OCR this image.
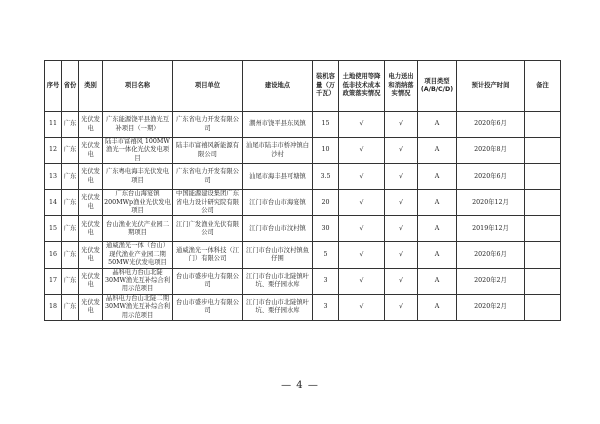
序号	省份	类别	项目名称	项目单位	建设地点	装机容量（万千瓦）	土地使用等降低非技术成本政策落实情况	电力送出和消纳落实情况	项目类型(A/B/C/D)	预计投产时间	备注
11	广东	光伏发电	广东能源饶平县渔光互补项目（一期）	广东省电力开发有限公司	潮州市饶平县东凤镇	15	√	√	A	2020年6月	
12	广东	光伏发电	陆丰市富禧风 100MW渔光一体化光伏发电项目	陆丰市富禧风新能源有限公司	汕尾市陆丰市桥冲镇白沙村	10	√	√	A	2020年8月	
13	广东	光伏发电	广东粤电海丰光伏发电项目	广东省电力开发有限公司	汕尾市海丰县可塘镇	3.5	√	√	A	2020年6月	
14	广东	光伏发电	广东台山海宴镇200MWp渔业光伏发电项目	中国能源建设集团广东省电力设计研究院有限公司	江门市台山市海宴镇	20	√	√	A	2020年12月	
15	广东	光伏发电	台山渔业光伏产业园二期项目	江门广发渔业光伏有限公司	江门市台山市汶村镇	30	√	√	A	2019年12月	
16	广东	光伏发电	通威渔光一体（台山）现代渔业产业园二期50MW光伏发电项目	通威渔光一体科技（江门）有限公司	江门市台山市汶村镇鱼仔围	5	√	√	A	2020年6月	
17	广东	光伏发电	晶科电力台山北陡30MW渔光互补综合利用示范项目	台山市盛步电力有限公司	江门市台山市北陡镇叶坑、栗仔园水库	3	√	√	A	2020年2月	
18	广东	光伏发电	晶科电力台山北陡二期30MW渔光互补综合利用示范项目	台山市盛步电力有限公司	江门市台山市北陡镇叶坑、栗仔园水库	3	√	√	A	2020年2月	
— 4 —
